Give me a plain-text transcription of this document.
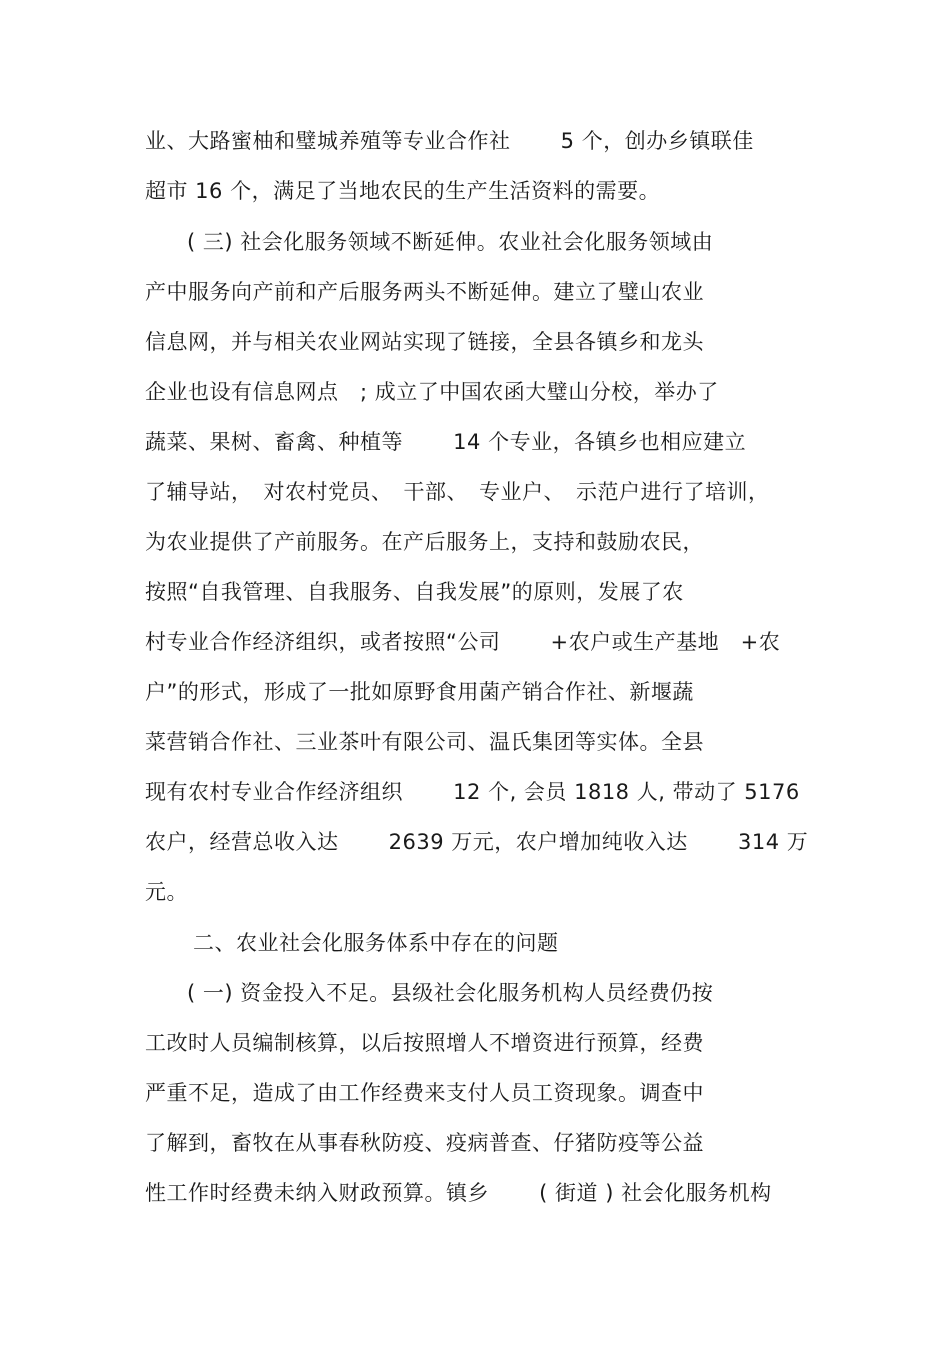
业、大路蜜柚和璧城养殖等专业合作社　　 5 个，创办乡镇联佳
超市 16 个，满足了当地农民的生产生活资料的需要。
( 三) 社会化服务领域不断延伸。农业社会化服务领域由
产中服务向产前和产后服务两头不断延伸。建立了璧山农业
信息网，并与相关农业网站实现了链接，全县各镇乡和龙头
企业也设有信息网点　; 成立了中国农函大璧山分校，举办了
蔬菜、果树、畜禽、种植等　　 14 个专业，各镇乡也相应建立
了辅导站，　对农村党员、　干部、　专业户、　示范户进行了培训，
为农业提供了产前服务。在产后服务上，支持和鼓励农民，
按照“自我管理、自我服务、自我发展”的原则，发展了农
村专业合作经济组织，或者按照“公司　　 +农户或生产基地　+农
户”的形式，形成了一批如原野食用菌产销合作社、新堰蔬
菜营销合作社、三业茶叶有限公司、温氏集团等实体。全县
现有农村专业合作经济组织　　 12 个, 会员 1818 人, 带动了 5176
农户，经营总收入达　　 2639 万元，农户增加纯收入达　　 314 万
元。
二、农业社会化服务体系中存在的问题
( 一) 资金投入不足。县级社会化服务机构人员经费仍按
工改时人员编制核算，以后按照增人不增资进行预算，经费
严重不足，造成了由工作经费来支付人员工资现象。调查中
了解到，畜牧在从事春秋防疫、疫病普查、仔猪防疫等公益
性工作时经费未纳入财政预算。镇乡　　 ( 街道 ) 社会化服务机构
